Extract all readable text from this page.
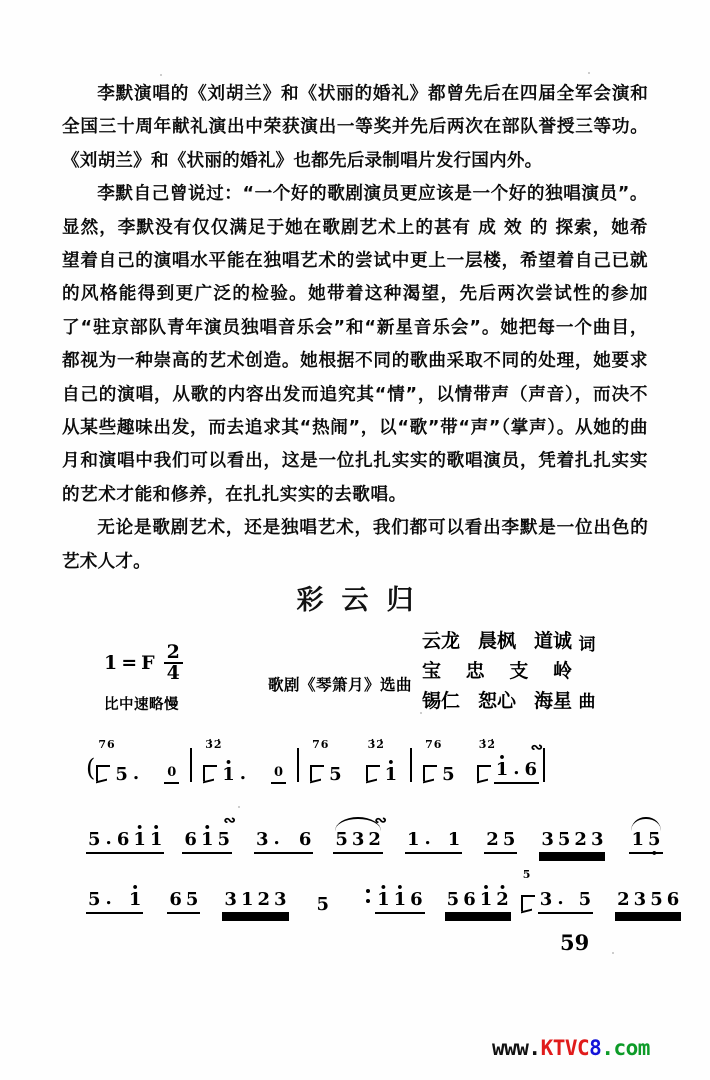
李默演唱的《刘胡兰》和《状丽的婚礼》都曾先后在四届全军会演和全国三十周年献礼演出中荣获演出一等奖并先后两次在部队誉授三等功。《刘胡兰》和《状丽的婚礼》也都先后录制唱片发行国内外。

李默自己曾说过：“一个好的歌剧演员更应该是一个好的独唱演员”。显然，李默没有仅仅满足于她在歌剧艺术上的甚有 成 效 的 探索，她希望着自己的演唱水平能在独唱艺术的尝试中更上一层楼，希望着自己已就的风格能得到更广泛的检验。她带着这种渴望，先后两次尝试性的参加了“驻京部队青年演员独唱音乐会”和“新星音乐会”。她把每一个曲目，都视为一种崇高的艺术创造。她根据不同的歌曲采取不同的处理，她要求自己的演唱，从歌的内容出发而追究其“情”，以情带声（声音），而决不从某些趣味出发，而去追求其“热闹”，以“歌”带“声”（掌声）。从她的曲月和演唱中我们可以看出，这是一位扎扎实实的歌唱演员，凭着扎扎实实的艺术才能和修养，在扎扎实实的去歌唱。

无论是歌剧艺术，还是独唱艺术，我们都可以看出李默是一位出色的艺术人才。

彩云归
1 = F $\frac{2}{4}$
比中速略慢
歌剧《琴箫月》选曲
云龙 晨枫 道诚 词
宝 忠 支 岭
锡仁 恕心 海星 曲
(
76
5 . 0
3̇2̇
• 1 . 0
76
5
3̇2̇
• 1
76
5
3̇2̇ ∾
• 1 . 6
5 . 6 • 1 • 1
∾
6 • 1 5 3 . 6
∾
5 3 2 1 . 1 2 5 3 5 2 3 1 5 •
5 . • 1 6 5 3 1 2 3 5	• 1 • 1 6 5 6 • 1 • 2
5
3 . 5 2 3 5 6
59
www.KTVC8.com
